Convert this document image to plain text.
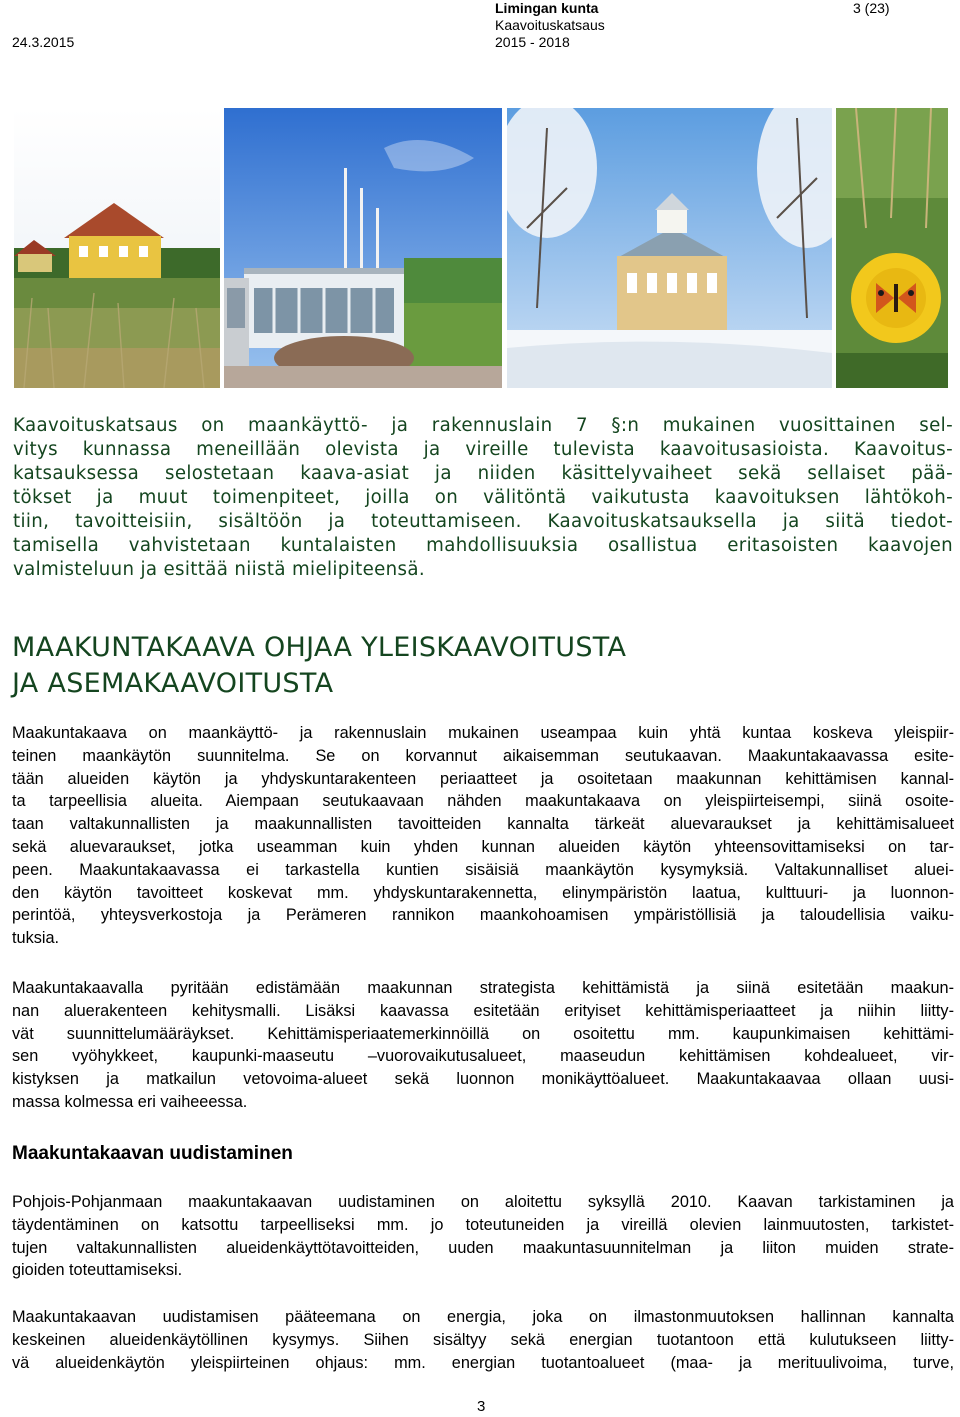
24.3.2015
Limingan kunta
Kaavoituskatsaus
2015 - 2018
3 (23)
Kaavoituskatsaus on maankäyttö- ja rakennuslain 7 §:n mukainen vuosittainen sel-
vitys kunnassa meneillään olevista ja vireille tulevista kaavoitusasioista. Kaavoitus-
katsauksessa selostetaan kaava-asiat ja niiden käsittelyvaiheet sekä sellaiset pää-
tökset ja muut toimenpiteet, joilla on välitöntä vaikutusta kaavoituksen lähtökoh-
tiin, tavoitteisiin, sisältöön ja toteuttamiseen. Kaavoituskatsauksella ja siitä tiedot-
tamisella vahvistetaan kuntalaisten mahdollisuuksia osallistua eritasoisten kaavojen
valmisteluun ja esittää niistä mielipiteensä.
MAAKUNTAKAAVA OHJAA YLEISKAAVOITUSTA
JA ASEMAKAAVOITUSTA
Maakuntakaava on maankäyttö- ja rakennuslain mukainen useampaa kuin yhtä kuntaa koskeva yleispiir-
teinen maankäytön suunnitelma. Se on korvannut aikaisemman seutukaavan. Maakuntakaavassa esite-
tään alueiden käytön ja yhdyskuntarakenteen periaatteet ja osoitetaan maakunnan kehittämisen kannal-
ta tarpeellisia alueita. Aiempaan seutukaavaan nähden maakuntakaava on yleispiirteisempi, siinä osoite-
taan valtakunnallisten ja maakunnallisten tavoitteiden kannalta tärkeät aluevaraukset ja kehittämisalueet
sekä aluevaraukset, jotka useamman kuin yhden kunnan alueiden käytön yhteensovittamiseksi on tar-
peen. Maakuntakaavassa ei tarkastella kuntien sisäisiä maankäytön kysymyksiä. Valtakunnalliset aluei-
den käytön tavoitteet koskevat mm. yhdyskuntarakennetta, elinympäristön laatua, kulttuuri- ja luonnon-
perintöä, yhteysverkostoja ja Perämeren rannikon maankohoamisen ympäristöllisiä ja taloudellisia vaiku-
tuksia.
Maakuntakaavalla pyritään edistämään maakunnan strategista kehittämistä ja siinä esitetään maakun-
nan aluerakenteen kehitysmalli. Lisäksi kaavassa esitetään erityiset kehittämisperiaatteet ja niihin liitty-
vät suunnittelumääräykset. Kehittämisperiaatemerkinnöillä on osoitettu mm. kaupunkimaisen kehittämi-
sen vyöhykkeet, kaupunki-maaseutu –vuorovaikutusalueet, maaseudun kehittämisen kohdealueet, vir-
kistyksen ja matkailun vetovoima-alueet sekä luonnon monikäyttöalueet. Maakuntakaavaa ollaan uusi-
massa kolmessa eri vaiheeessa.
Maakuntakaavan uudistaminen
Pohjois-Pohjanmaan maakuntakaavan uudistaminen on aloitettu syksyllä 2010. Kaavan tarkistaminen ja
täydentäminen on katsottu tarpeelliseksi mm. jo toteutuneiden ja vireillä olevien lainmuutosten, tarkistet-
tujen valtakunnallisten alueidenkäyttötavoitteiden, uuden maakuntasuunnitelman ja liiton muiden strate-
gioiden toteuttamiseksi.
Maakuntakaavan uudistamisen pääteemana on energia, joka on ilmastonmuutoksen hallinnan kannalta
keskeinen alueidenkäytöllinen kysymys. Siihen sisältyy sekä energian tuotantoon että kulutukseen liitty-
vä alueidenkäytön yleispiirteinen ohjaus: mm. energian tuotantoalueet (maa- ja merituulivoima, turve,
3
